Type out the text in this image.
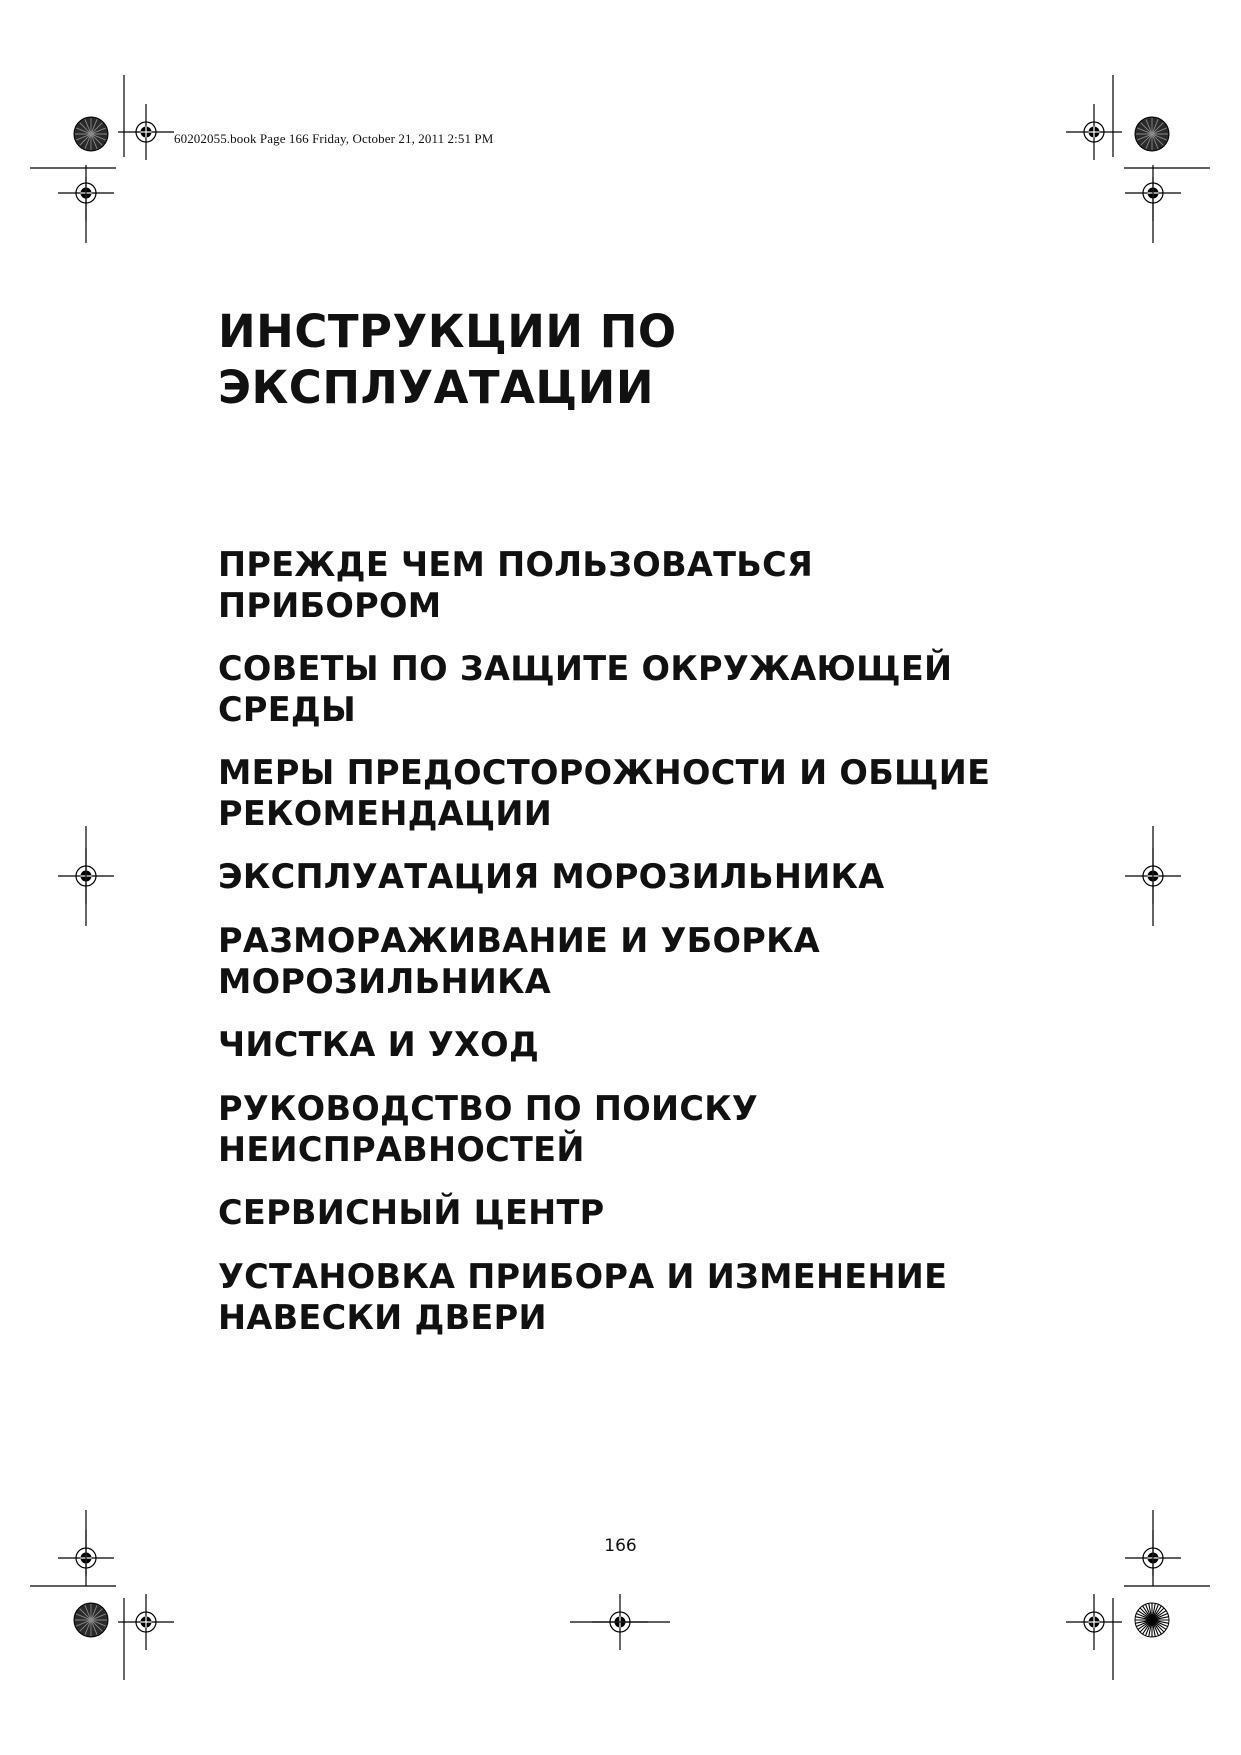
60202055.book Page 166 Friday, October 21, 2011 2:51 PM
ИНСТРУКЦИИ ПО
ЭКСПЛУАТАЦИИ
ПРЕЖДЕ ЧЕМ ПОЛЬЗОВАТЬСЯ
ПРИБОРОМ
СОВЕТЫ ПО ЗАЩИТЕ ОКРУЖАЮЩЕЙ
СРЕДЫ
МЕРЫ ПРЕДОСТОРОЖНОСТИ И ОБЩИЕ
РЕКОМЕНДАЦИИ
ЭКСПЛУАТАЦИЯ МОРОЗИЛЬНИКА
РАЗМОРАЖИВАНИЕ И УБОРКА
МОРОЗИЛЬНИКА
ЧИСТКА И УХОД
РУКОВОДСТВО ПО ПОИСКУ
НЕИСПРАВНОСТЕЙ
СЕРВИСНЫЙ ЦЕНТР
УСТАНОВКА ПРИБОРА И ИЗМЕНЕНИЕ
НАВЕСКИ ДВЕРИ
166
